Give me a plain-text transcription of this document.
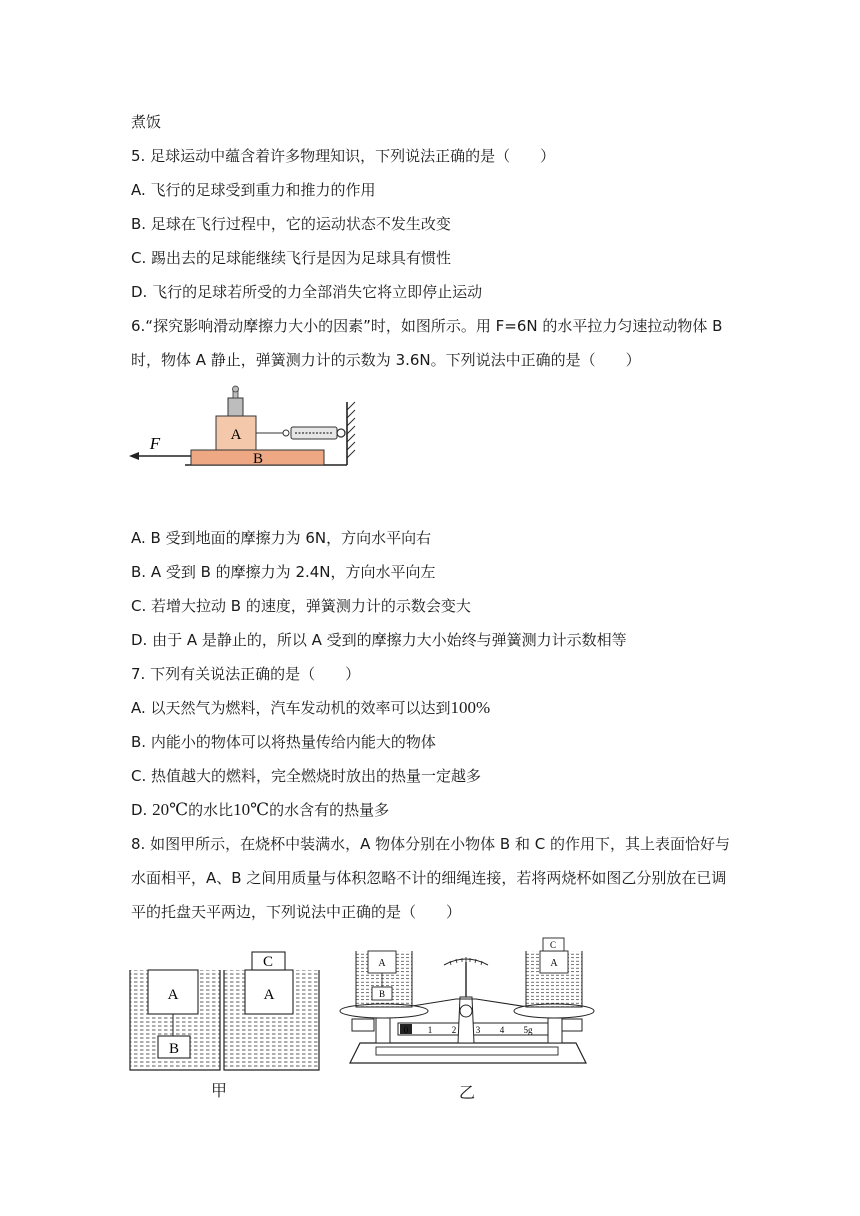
煮饭
5. 足球运动中蕴含着许多物理知识，下列说法正确的是（　　）
A. 飞行的足球受到重力和推力的作用
B. 足球在飞行过程中，它的运动状态不发生改变
C. 踢出去的足球能继续飞行是因为足球具有惯性
D. 飞行的足球若所受的力全部消失它将立即停止运动
6.“探究影响滑动摩擦力大小的因素”时，如图所示。用 F=6N 的水平拉力匀速拉动物体 B
时，物体 A 静止，弹簧测力计的示数为 3.6N。下列说法中正确的是（　　）
B
A
F
A. B 受到地面的摩擦力为 6N，方向水平向右
B. A 受到 B 的摩擦力为 2.4N，方向水平向左
C. 若增大拉动 B 的速度，弹簧测力计的示数会变大
D. 由于 A 是静止的，所以 A 受到的摩擦力大小始终与弹簧测力计示数相等
7. 下列有关说法正确的是（　　）
A. 以天然气为燃料，汽车发动机的效率可以达到100%
B. 内能小的物体可以将热量传给内能大的物体
C. 热值越大的燃料，完全燃烧时放出的热量一定越多
D. 20℃的水比10℃的水含有的热量多
8. 如图甲所示，在烧杯中装满水，A 物体分别在小物体 B 和 C 的作用下，其上表面恰好与
水面相平，A、B 之间用质量与体积忽略不计的细绳连接，若将两烧杯如图乙分别放在已调
平的托盘天平两边，下列说法中正确的是（　　）
A
B
A
C
甲
0 1 2 3 4 5g
A
B
A
C
乙
